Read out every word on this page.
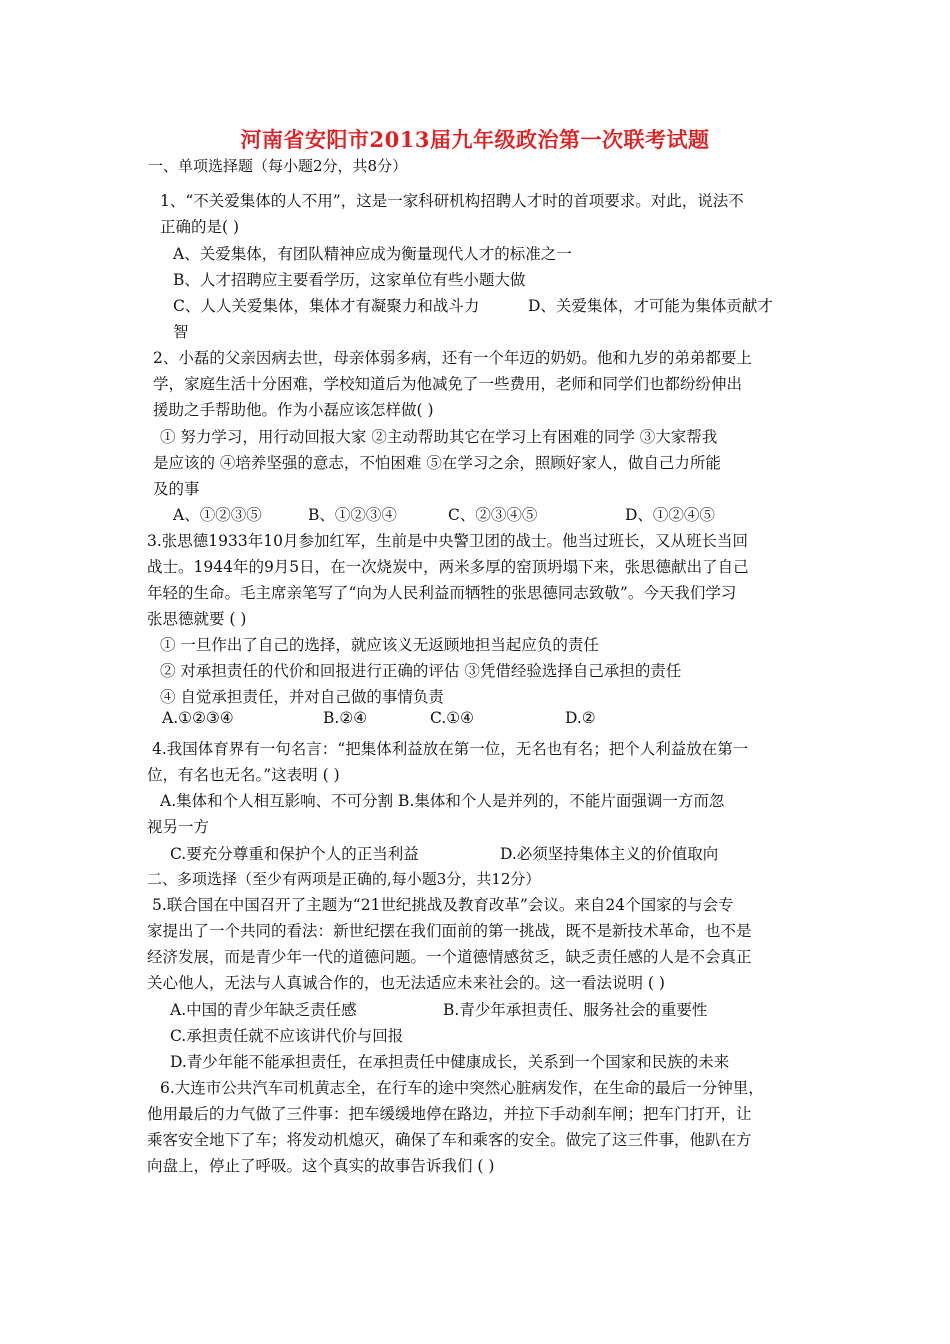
河南省安阳市2013届九年级政治第一次联考试题
一、单项选择题（每小题2分，共8分）
1、“不关爱集体的人不用”，这是一家科研机构招聘人才时的首项要求。对此，说法不
正确的是( )
A、关爱集体，有团队精神应成为衡量现代人才的标准之一
B、人才招聘应主要看学历，这家单位有些小题大做
C、人人关爱集体，集体才有凝聚力和战斗力	D、关爱集体，才可能为集体贡献才
智
2、小磊的父亲因病去世，母亲体弱多病，还有一个年迈的奶奶。他和九岁的弟弟都要上
学，家庭生活十分困难，学校知道后为他减免了一些费用，老师和同学们也都纷纷伸出
援助之手帮助他。作为小磊应该怎样做( )
① 努力学习，用行动回报大家 ②主动帮助其它在学习上有困难的同学 ③大家帮我
是应该的 ④培养坚强的意志，不怕困难 ⑤在学习之余，照顾好家人，做自己力所能
及的事
A、①②③⑤	B、①②③④	C、②③④⑤	D、①②④⑤
3.张思德1933年10月参加红军，生前是中央警卫团的战士。他当过班长，又从班长当回
战士。1944年的9月5日，在一次烧炭中，两米多厚的窑顶坍塌下来，张思德献出了自己
年轻的生命。毛主席亲笔写了“向为人民利益而牺牲的张思德同志致敬”。今天我们学习
张思德就要 ( )
① 一旦作出了自己的选择，就应该义无返顾地担当起应负的责任
② 对承担责任的代价和回报进行正确的评估 ③凭借经验选择自己承担的责任
④ 自觉承担责任，并对自己做的事情负责
A.①②③④	B.②④	C.①④	D.②
4.我国体育界有一句名言：“把集体利益放在第一位，无名也有名；把个人利益放在第一
位，有名也无名。”这表明 ( )
A.集体和个人相互影响、不可分割 B.集体和个人是并列的，不能片面强调一方而忽
视另一方
C.要充分尊重和保护个人的正当利益	D.必须坚持集体主义的价值取向
二、多项选择（至少有两项是正确的,每小题3分，共12分）
5.联合国在中国召开了主题为“21世纪挑战及教育改革”会议。来自24个国家的与会专
家提出了一个共同的看法：新世纪摆在我们面前的第一挑战，既不是新技术革命，也不是
经济发展，而是青少年一代的道德问题。一个道德情感贫乏，缺乏责任感的人是不会真正
关心他人，无法与人真诚合作的，也无法适应未来社会的。这一看法说明 ( )
A.中国的青少年缺乏责任感	B.青少年承担责任、服务社会的重要性
C.承担责任就不应该讲代价与回报
D.青少年能不能承担责任，在承担责任中健康成长，关系到一个国家和民族的未来
6.大连市公共汽车司机黄志全，在行车的途中突然心脏病发作，在生命的最后一分钟里，
他用最后的力气做了三件事：把车缓缓地停在路边，并拉下手动刹车闸；把车门打开，让
乘客安全地下了车；将发动机熄灭，确保了车和乘客的安全。做完了这三件事，他趴在方
向盘上，停止了呼吸。这个真实的故事告诉我们 ( )
